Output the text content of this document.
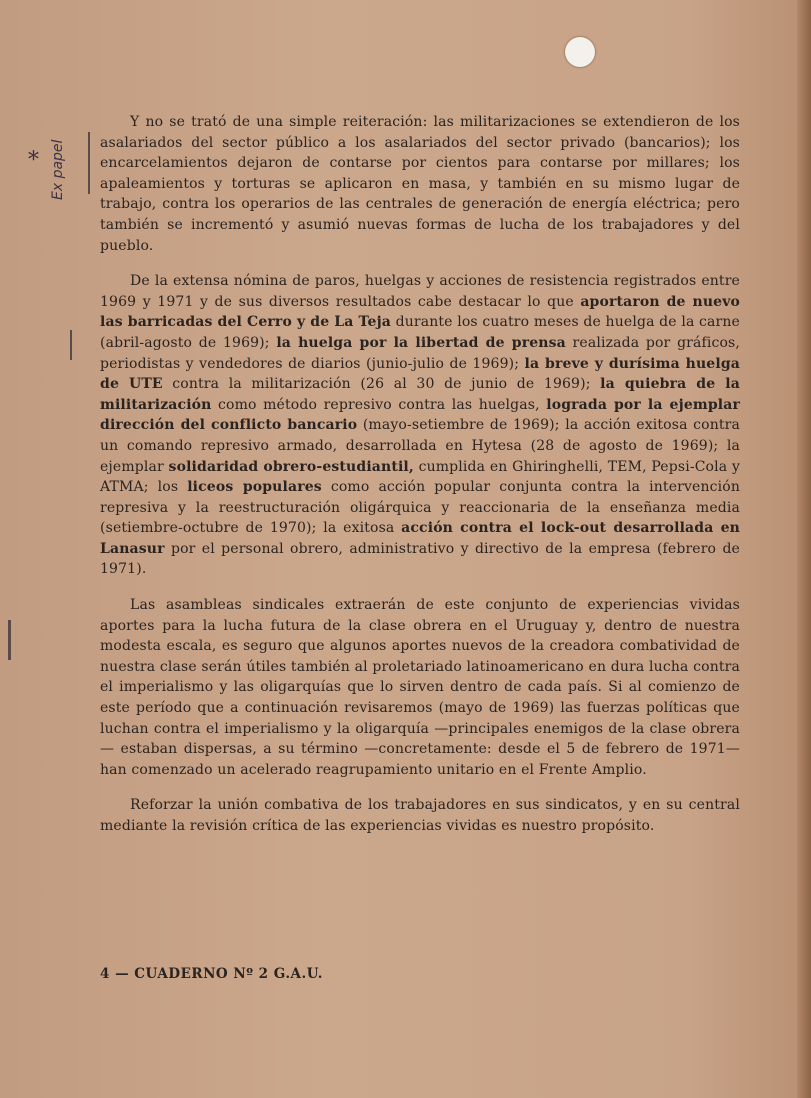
* Ex papel

Y no se trató de una simple reiteración: las militarizaciones se extendieron de los asalariados del sector público a los asalariados del sector privado (bancarios); los encarcelamientos dejaron de contarse por cientos para contarse por millares; los apaleamientos y torturas se aplicaron en masa, y también en su mismo lugar de trabajo, contra los operarios de las centrales de generación de energía eléctrica; pero también se incrementó y asumió nuevas formas de lucha de los trabajadores y del pueblo.

De la extensa nómina de paros, huelgas y acciones de resistencia registrados entre 1969 y 1971 y de sus diversos resultados cabe destacar lo que aportaron de nuevo las barricadas del Cerro y de La Teja durante los cuatro meses de huelga de la carne (abril-agosto de 1969); la huelga por la libertad de prensa realizada por gráficos, periodistas y vendedores de diarios (junio-julio de 1969); la breve y durísima huelga de UTE contra la militarización (26 al 30 de junio de 1969); la quiebra de la militarización como método represivo contra las huelgas, lograda por la ejemplar dirección del conflicto bancario (mayo-setiembre de 1969); la acción exitosa contra un comando represivo armado, desarrollada en Hytesa (28 de agosto de 1969); la ejemplar solidaridad obrero-estudiantil, cumplida en Ghiringhelli, TEM, Pepsi-Cola y ATMA; los liceos populares como acción popular conjunta contra la intervención represiva y la reestructuración oligárquica y reaccionaria de la enseñanza media (setiembre-octubre de 1970); la exitosa acción contra el lock-out desarrollada en Lanasur por el personal obrero, administrativo y directivo de la empresa (febrero de 1971).

Las asambleas sindicales extraerán de este conjunto de experiencias vividas aportes para la lucha futura de la clase obrera en el Uruguay y, dentro de nuestra modesta escala, es seguro que algunos aportes nuevos de la creadora combatividad de nuestra clase serán útiles también al proletariado latinoamericano en dura lucha contra el imperialismo y las oligarquías que lo sirven dentro de cada país. Si al comienzo de este período que a continuación revisaremos (mayo de 1969) las fuerzas políticas que luchan contra el imperialismo y la oligarquía —principales enemigos de la clase obrera— estaban dispersas, a su término —concretamente: desde el 5 de febrero de 1971— han comenzado un acelerado reagrupamiento unitario en el Frente Amplio.

Reforzar la unión combativa de los trabajadores en sus sindicatos, y en su central mediante la revisión crítica de las experiencias vividas es nuestro propósito.

4 — CUADERNO Nº 2 G.A.U.
